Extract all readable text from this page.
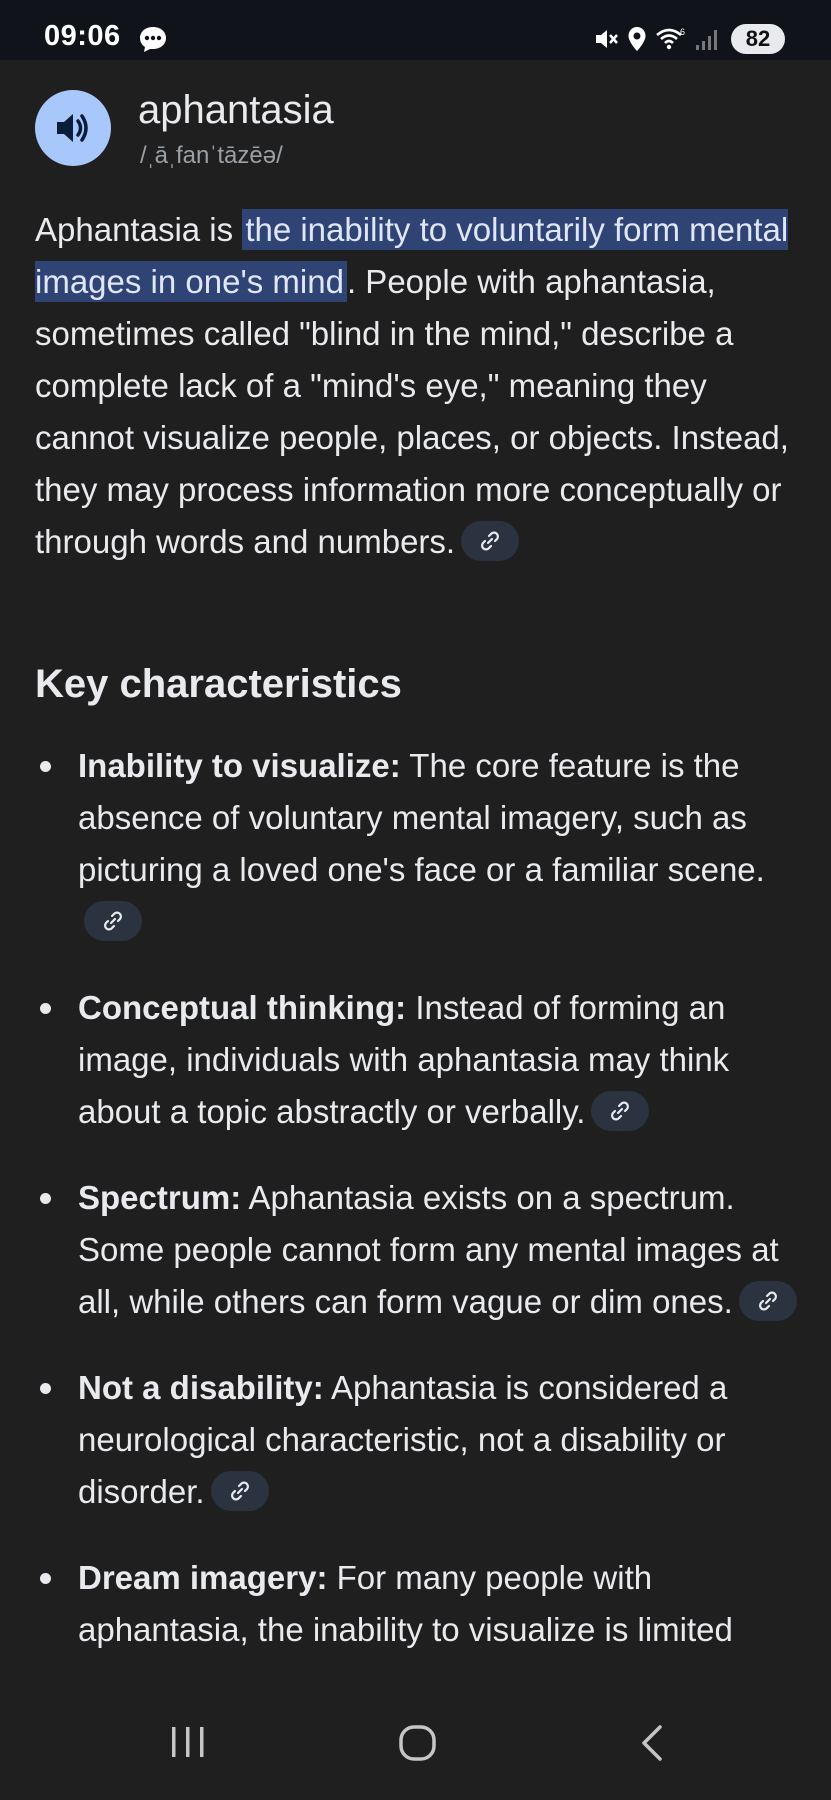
09:06	6	82
aphantasia
/ˌāˌfanˈtāzēə/

Aphantasia is the inability to voluntarily form mental images in one's mind. People with aphantasia, sometimes called "blind in the mind," describe a complete lack of a "mind's eye," meaning they cannot visualize people, places, or objects. Instead, they may process information more conceptually or through words and numbers.

Key characteristics
Inability to visualize: The core feature is the absence of voluntary mental imagery, such as picturing a loved one's face or a familiar scene.
Conceptual thinking: Instead of forming an image, individuals with aphantasia may think about a topic abstractly or verbally.
Spectrum: Aphantasia exists on a spectrum. Some people cannot form any mental images at all, while others can form vague or dim ones.
Not a disability: Aphantasia is considered a neurological characteristic, not a disability or disorder.
Dream imagery: For many people with aphantasia, the inability to visualize is limited
